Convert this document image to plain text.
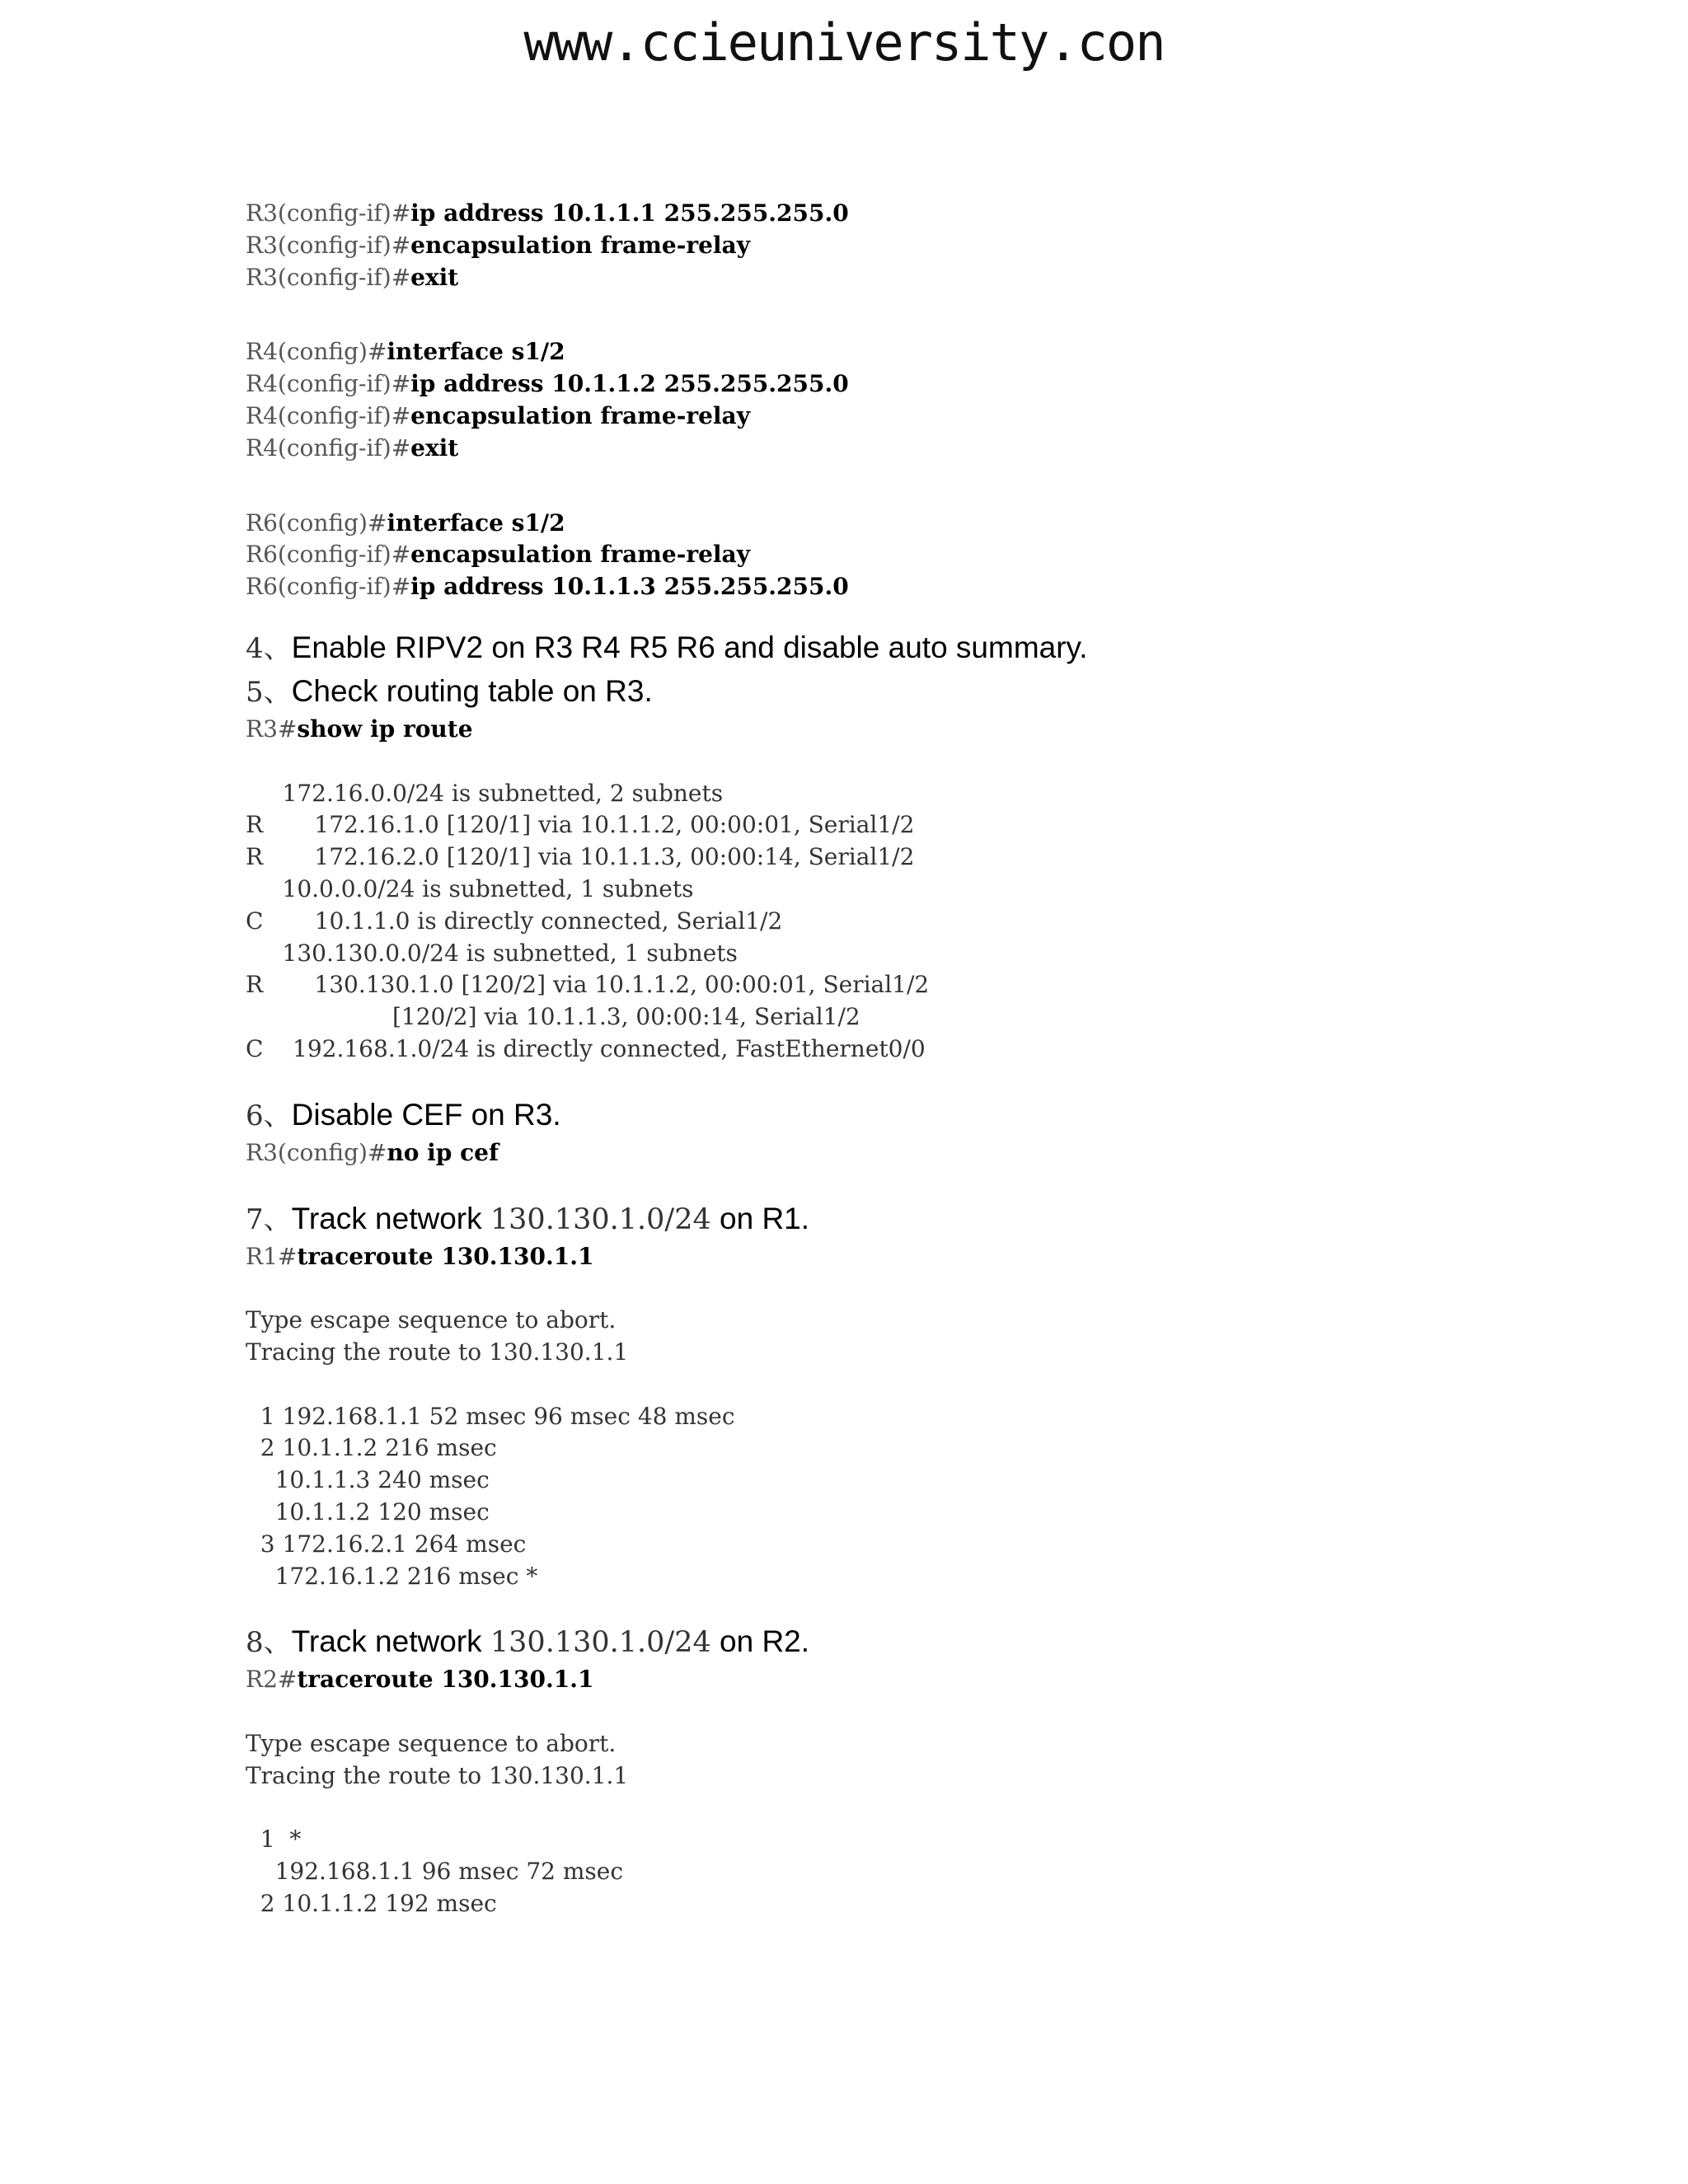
www.ccieuniversity.con
R3(config-if)#ip address 10.1.1.1 255.255.255.0
R3(config-if)#encapsulation frame-relay
R3(config-if)#exit
R4(config)#interface s1/2
R4(config-if)#ip address 10.1.1.2 255.255.255.0
R4(config-if)#encapsulation frame-relay
R4(config-if)#exit
R6(config)#interface s1/2
R6(config-if)#encapsulation frame-relay
R6(config-if)#ip address 10.1.1.3 255.255.255.0
4、Enable RIPV2 on R3 R4 R5 R6 and disable auto summary.
5、Check routing table on R3.
R3#show ip route
172.16.0.0/24 is subnetted, 2 subnets
R       172.16.1.0 [120/1] via 10.1.1.2, 00:00:01, Serial1/2
R       172.16.2.0 [120/1] via 10.1.1.3, 00:00:14, Serial1/2
10.0.0.0/24 is subnetted, 1 subnets
C       10.1.1.0 is directly connected, Serial1/2
130.130.0.0/24 is subnetted, 1 subnets
R       130.130.1.0 [120/2] via 10.1.1.2, 00:00:01, Serial1/2
[120/2] via 10.1.1.3, 00:00:14, Serial1/2
C    192.168.1.0/24 is directly connected, FastEthernet0/0
6、Disable CEF on R3.
R3(config)#no ip cef
7、Track network 130.130.1.0/24 on R1.
R1#traceroute 130.130.1.1
Type escape sequence to abort.
Tracing the route to 130.130.1.1
1 192.168.1.1 52 msec 96 msec 48 msec
2 10.1.1.2 216 msec
10.1.1.3 240 msec
10.1.1.2 120 msec
3 172.16.2.1 264 msec
172.16.1.2 216 msec *
8、Track network 130.130.1.0/24 on R2.
R2#traceroute 130.130.1.1
Type escape sequence to abort.
Tracing the route to 130.130.1.1
1  *
192.168.1.1 96 msec 72 msec
2 10.1.1.2 192 msec
